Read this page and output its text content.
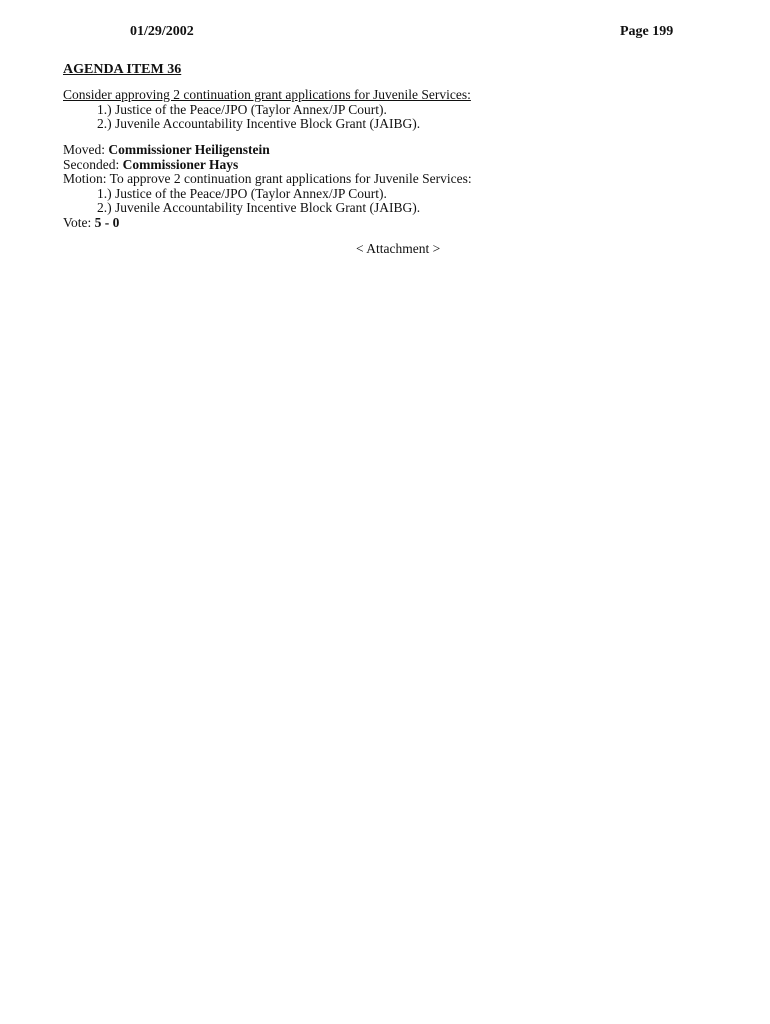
01/29/2002	Page 199
AGENDA ITEM 36
Consider approving 2 continuation grant applications for Juvenile Services:
1.) Justice of the Peace/JPO (Taylor Annex/JP Court).
2.) Juvenile Accountability Incentive Block Grant (JAIBG).
Moved: Commissioner Heiligenstein
Seconded: Commissioner Hays
Motion: To approve 2 continuation grant applications for Juvenile Services:
1.) Justice of the Peace/JPO (Taylor Annex/JP Court).
2.) Juvenile Accountability Incentive Block Grant (JAIBG).
Vote: 5 - 0
< Attachment >
